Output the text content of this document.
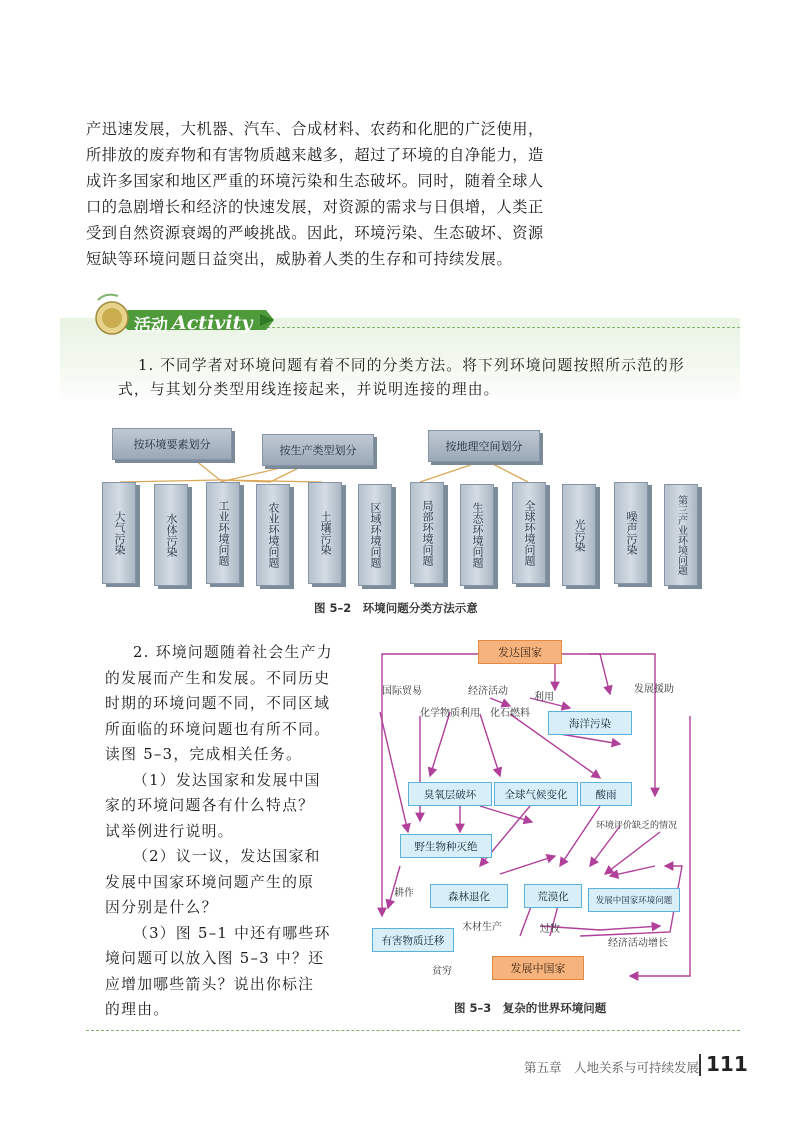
产迅速发展，大机器、汽车、合成材料、农药和化肥的广泛使用，

所排放的废弃物和有害物质越来越多，超过了环境的自净能力，造

成许多国家和地区严重的环境污染和生态破坏。同时，随着全球人

口的急剧增长和经济的快速发展，对资源的需求与日俱增，人类正

受到自然资源衰竭的严峻挑战。因此，环境污染、生态破坏、资源

短缺等环境问题日益突出，威胁着人类的生存和可持续发展。

活动 Activity

1. 不同学者对环境问题有着不同的分类方法。将下列环境问题按照所示范的形

式，与其划分类型用线连接起来，并说明连接的理由。

按环境要素划分	按生产类型划分	按地理空间划分
大气污染	水体污染	工业环境问题	农业环境问题	土壤污染	区域环境问题	局部环境问题	生态环境问题	全球环境问题	光污染	噪声污染	第三产业环境问题
图 5–2　环境问题分类方法示意

2. 环境问题随着社会生产力

的发展而产生和发展。不同历史

时期的环境问题不同，不同区域

所面临的环境问题也有所不同。

读图 5–3，完成相关任务。

（1）发达国家和发展中国

家的环境问题各有什么特点？

试举例进行说明。

（2）议一议，发达国家和

发展中国家环境问题产生的原

因分别是什么？

（3）图 5–1 中还有哪些环

境问题可以放入图 5–3 中？还

应增加哪些箭头？说出你标注

的理由。

发达国家
海洋污染
臭氧层破坏	全球气候变化	酸雨
野生物种灭绝
森林退化	荒漠化	发展中国家环境问题
有害物质迁移
发展中国家
国际贸易	经济活动
利用
发展援助
化学物质利用 化石燃料
环境评价缺乏的情况
耕作
木材生产	过牧
经济活动增长
贫穷
图 5–3　复杂的世界环境问题
第五章　人地关系与可持续发展 111
